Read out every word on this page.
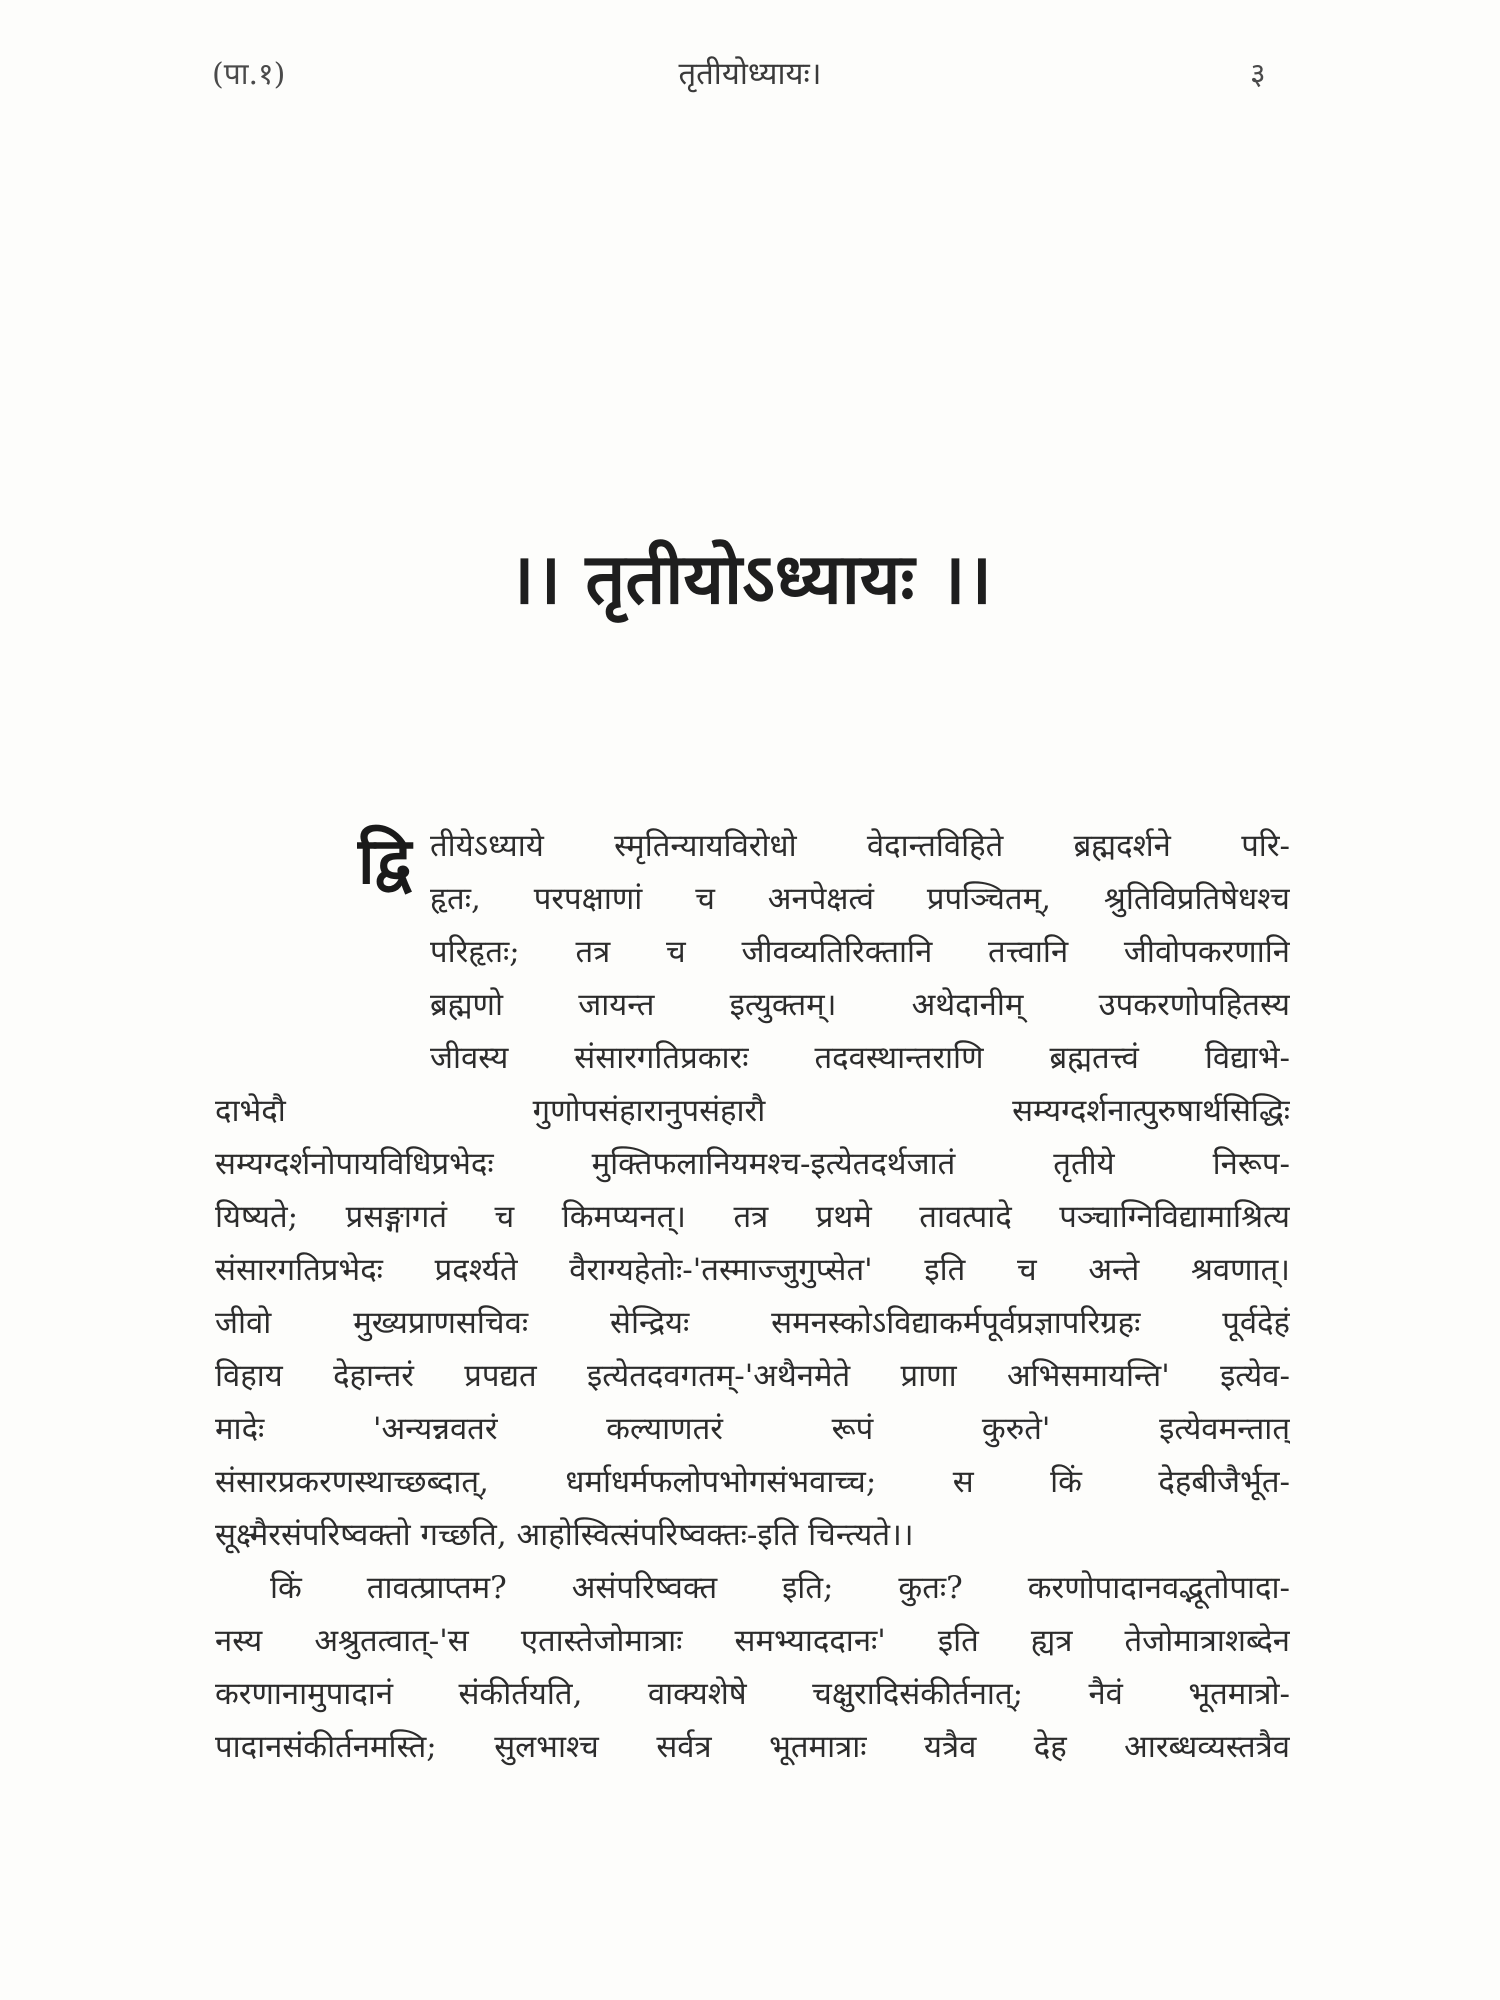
(पा.१)	तृतीयोध्यायः।	३
।। तृतीयोऽध्यायः ।।
द्वि तीयेऽध्याये स्मृतिन्यायविरोधो वेदान्तविहिते ब्रह्मदर्शने परि-
हृतः, परपक्षाणां च अनपेक्षत्वं प्रपञ्चितम्, श्रुतिविप्रतिषेधश्च
परिहृतः; तत्र च जीवव्यतिरिक्तानि तत्त्वानि जीवोपकरणानि
ब्रह्मणो जायन्त इत्युक्तम्। अथेदानीम् उपकरणोपहितस्य
जीवस्य संसारगतिप्रकारः तदवस्थान्तराणि ब्रह्मतत्त्वं विद्याभे-
दाभेदौ गुणोपसंहारानुपसंहारौ सम्यग्दर्शनात्पुरुषार्थसिद्धिः
सम्यग्दर्शनोपायविधिप्रभेदः मुक्तिफलानियमश्च-इत्येतदर्थजातं तृतीये निरूप-
यिष्यते; प्रसङ्गागतं च किमप्यनत्। तत्र प्रथमे तावत्पादे पञ्चाग्निविद्यामाश्रित्य
संसारगतिप्रभेदः प्रदर्श्यते वैराग्यहेतोः-'तस्माज्जुगुप्सेत' इति च अन्ते श्रवणात्।
जीवो मुख्यप्राणसचिवः सेन्द्रियः समनस्कोऽविद्याकर्मपूर्वप्रज्ञापरिग्रहः पूर्वदेहं
विहाय देहान्तरं प्रपद्यत इत्येतदवगतम्-'अथैनमेते प्राणा अभिसमायन्ति' इत्येव-
मादेः 'अन्यन्नवतरं कल्याणतरं रूपं कुरुते' इत्येवमन्तात्
संसारप्रकरणस्थाच्छब्दात्, धर्माधर्मफलोपभोगसंभवाच्च; स किं देहबीजैर्भूत-
सूक्ष्मैरसंपरिष्वक्तो गच्छति, आहोस्वित्संपरिष्वक्तः-इति चिन्त्यते।।
किं तावत्प्राप्तम? असंपरिष्वक्त इति; कुतः? करणोपादानवद्भूतोपादा-
नस्य अश्रुतत्वात्-'स एतास्तेजोमात्राः समभ्याददानः' इति ह्यत्र तेजोमात्राशब्देन
करणानामुपादानं संकीर्तयति, वाक्यशेषे चक्षुरादिसंकीर्तनात्; नैवं भूतमात्रो-
पादानसंकीर्तनमस्ति; सुलभाश्च सर्वत्र भूतमात्राः यत्रैव देह आरब्धव्यस्तत्रैव
